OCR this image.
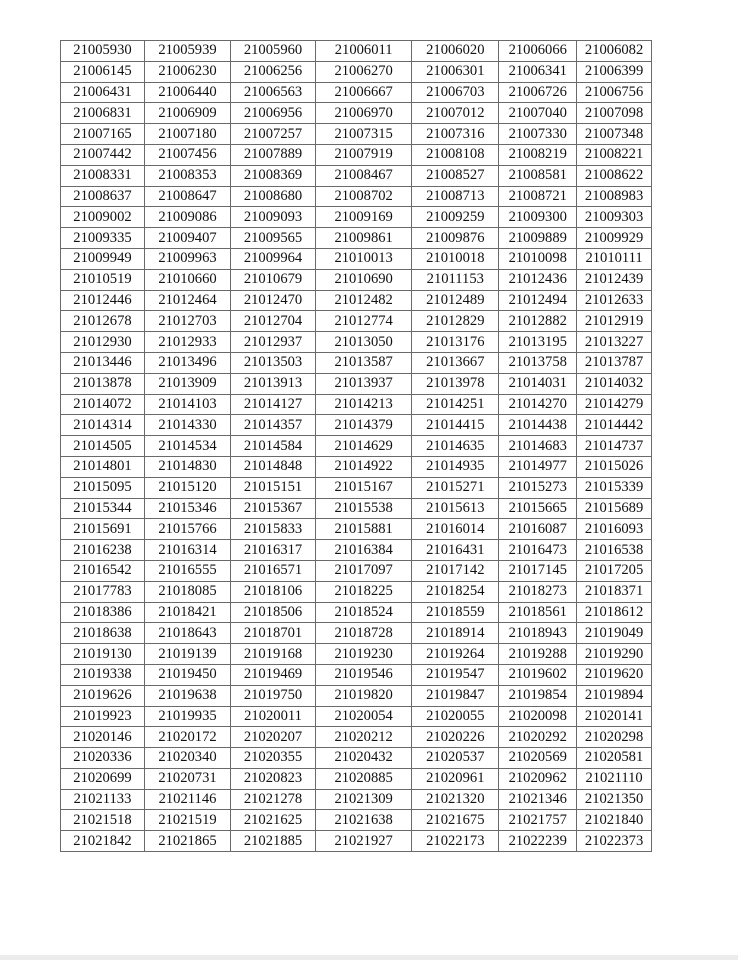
21005930	21005939	21005960	21006011	21006020	21006066	21006082
21006145	21006230	21006256	21006270	21006301	21006341	21006399
21006431	21006440	21006563	21006667	21006703	21006726	21006756
21006831	21006909	21006956	21006970	21007012	21007040	21007098
21007165	21007180	21007257	21007315	21007316	21007330	21007348
21007442	21007456	21007889	21007919	21008108	21008219	21008221
21008331	21008353	21008369	21008467	21008527	21008581	21008622
21008637	21008647	21008680	21008702	21008713	21008721	21008983
21009002	21009086	21009093	21009169	21009259	21009300	21009303
21009335	21009407	21009565	21009861	21009876	21009889	21009929
21009949	21009963	21009964	21010013	21010018	21010098	21010111
21010519	21010660	21010679	21010690	21011153	21012436	21012439
21012446	21012464	21012470	21012482	21012489	21012494	21012633
21012678	21012703	21012704	21012774	21012829	21012882	21012919
21012930	21012933	21012937	21013050	21013176	21013195	21013227
21013446	21013496	21013503	21013587	21013667	21013758	21013787
21013878	21013909	21013913	21013937	21013978	21014031	21014032
21014072	21014103	21014127	21014213	21014251	21014270	21014279
21014314	21014330	21014357	21014379	21014415	21014438	21014442
21014505	21014534	21014584	21014629	21014635	21014683	21014737
21014801	21014830	21014848	21014922	21014935	21014977	21015026
21015095	21015120	21015151	21015167	21015271	21015273	21015339
21015344	21015346	21015367	21015538	21015613	21015665	21015689
21015691	21015766	21015833	21015881	21016014	21016087	21016093
21016238	21016314	21016317	21016384	21016431	21016473	21016538
21016542	21016555	21016571	21017097	21017142	21017145	21017205
21017783	21018085	21018106	21018225	21018254	21018273	21018371
21018386	21018421	21018506	21018524	21018559	21018561	21018612
21018638	21018643	21018701	21018728	21018914	21018943	21019049
21019130	21019139	21019168	21019230	21019264	21019288	21019290
21019338	21019450	21019469	21019546	21019547	21019602	21019620
21019626	21019638	21019750	21019820	21019847	21019854	21019894
21019923	21019935	21020011	21020054	21020055	21020098	21020141
21020146	21020172	21020207	21020212	21020226	21020292	21020298
21020336	21020340	21020355	21020432	21020537	21020569	21020581
21020699	21020731	21020823	21020885	21020961	21020962	21021110
21021133	21021146	21021278	21021309	21021320	21021346	21021350
21021518	21021519	21021625	21021638	21021675	21021757	21021840
21021842	21021865	21021885	21021927	21022173	21022239	21022373
